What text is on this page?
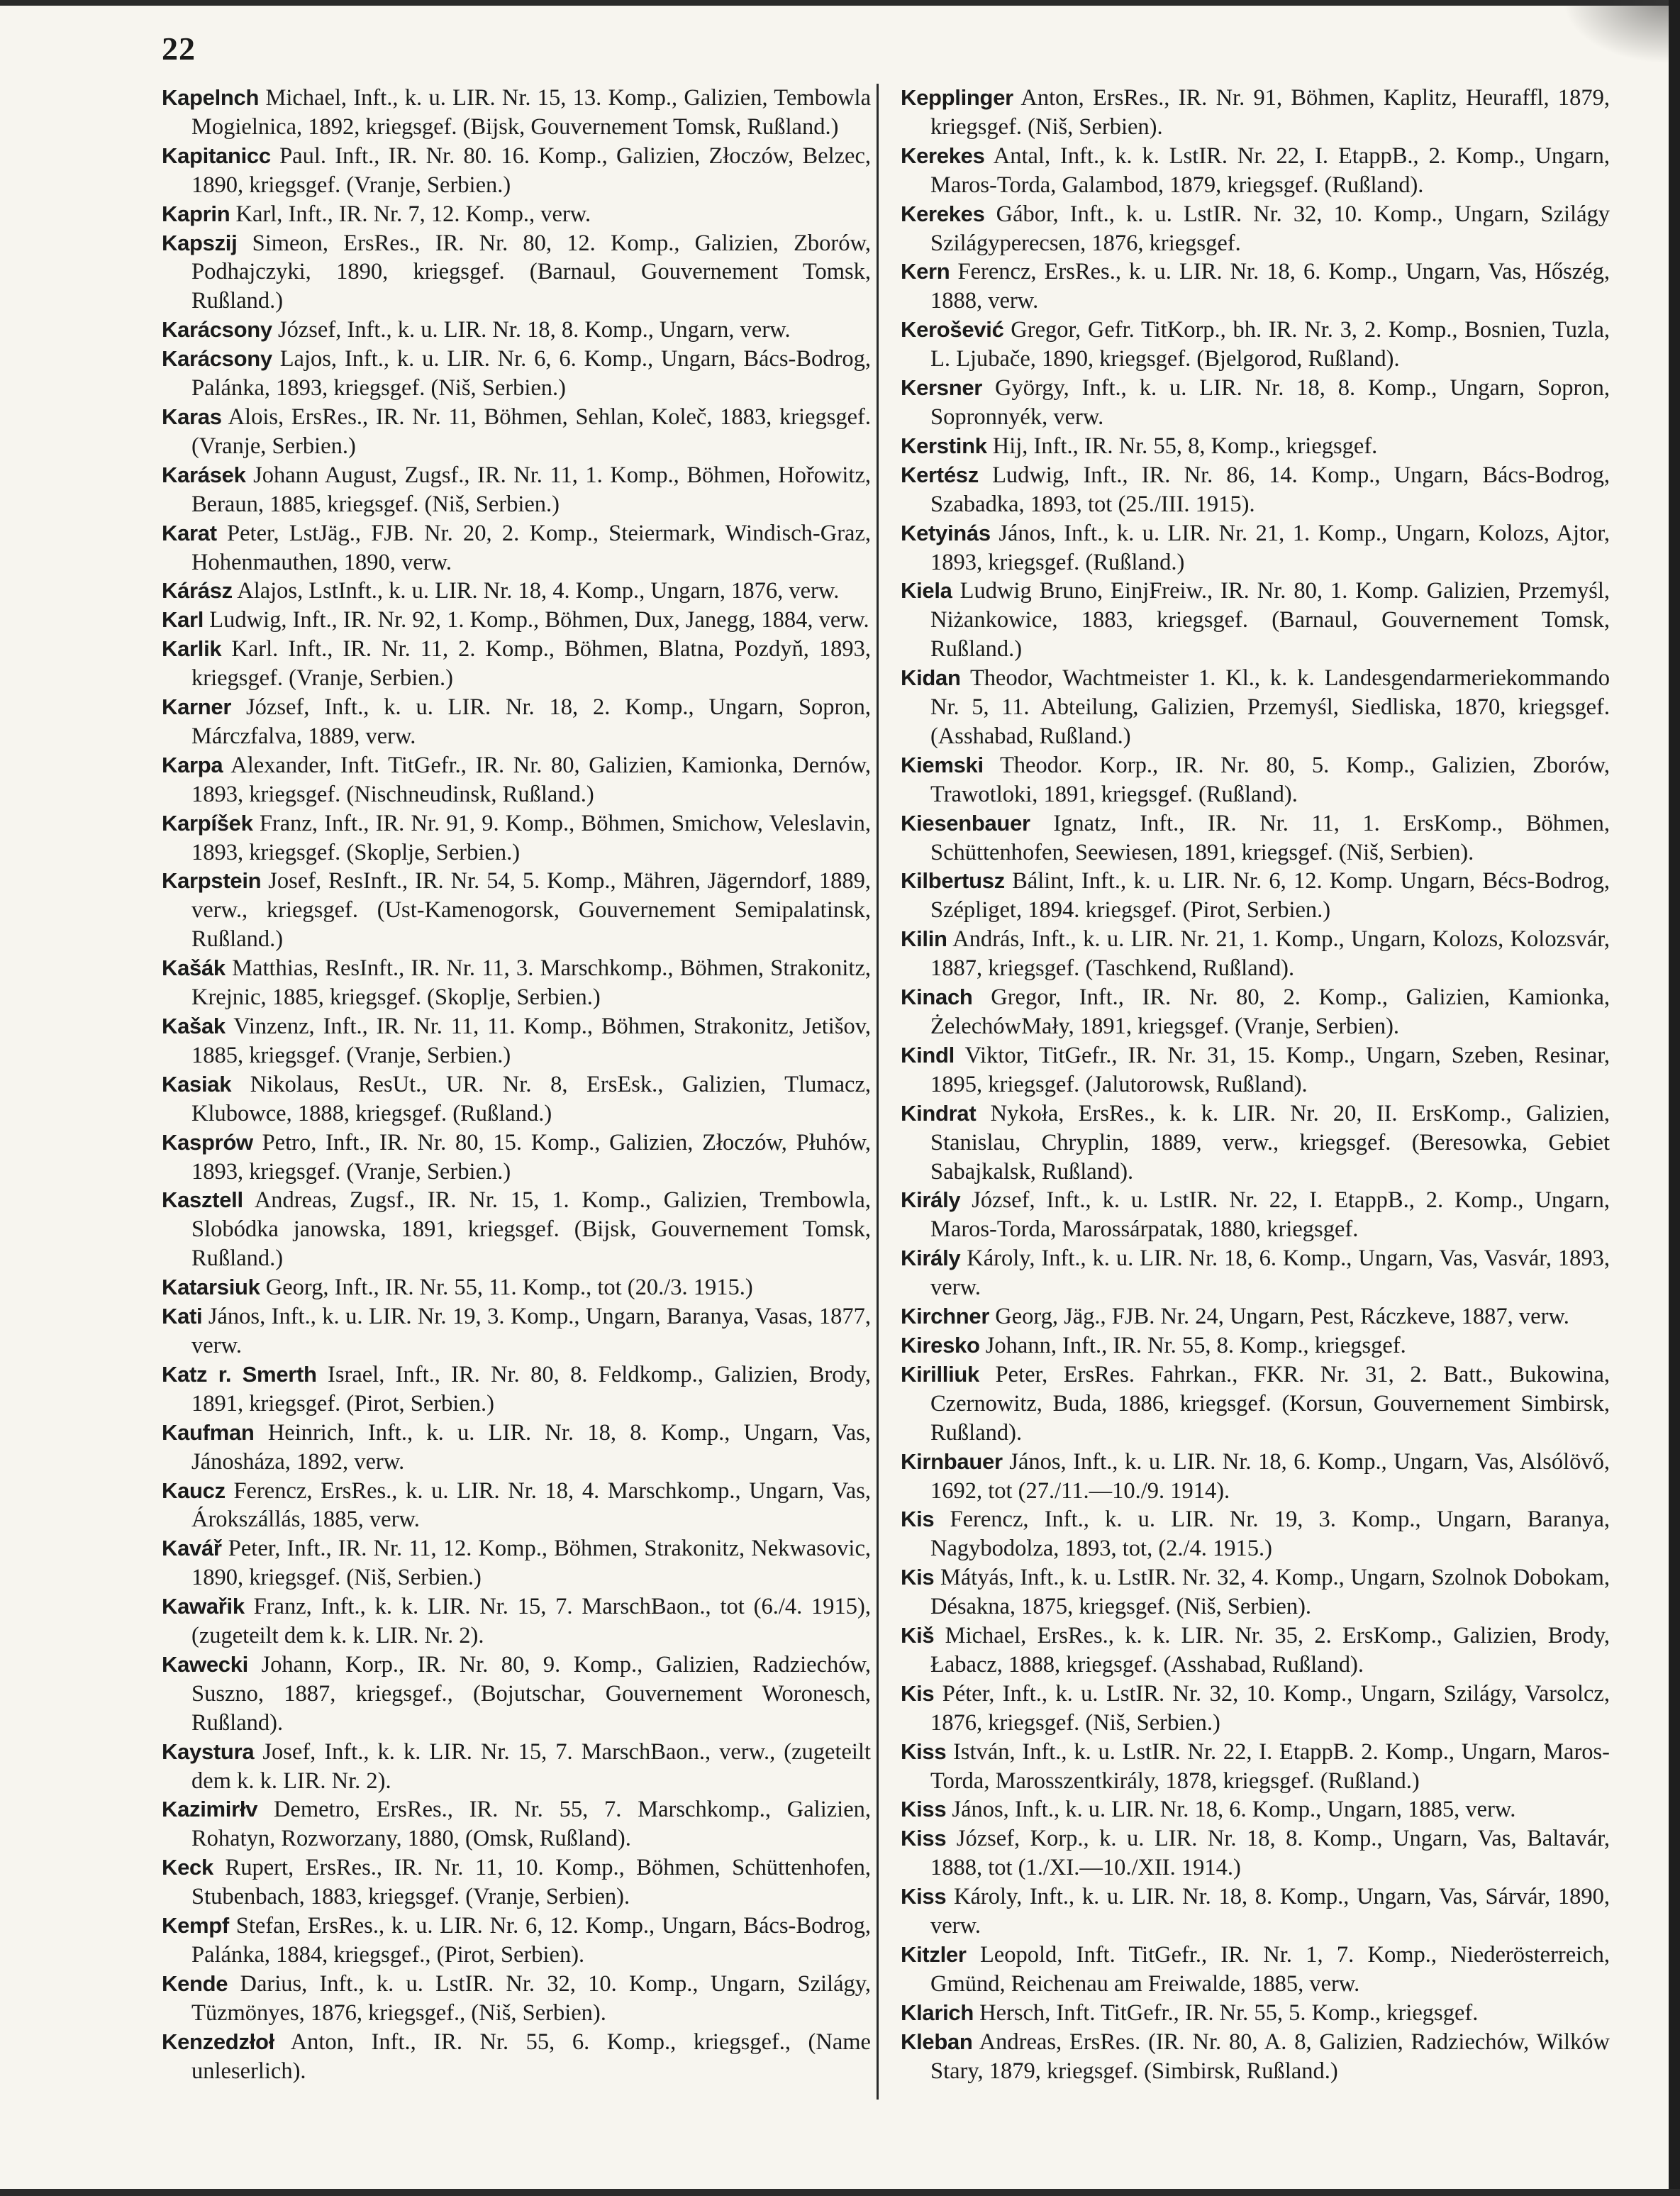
22

Kapelnch Michael, Inft., k. u. LIR. Nr. 15, 13. Komp., Galizien, Tembowla Mogielnica, 1892, kriegsgef. (Bijsk, Gouvernement Tomsk, Rußland.)

Kapitanicc Paul. Inft., IR. Nr. 80. 16. Komp., Galizien, Złoczów, Belzec, 1890, kriegsgef. (Vranje, Serbien.)

Kaprin Karl, Inft., IR. Nr. 7, 12. Komp., verw.

Kapszij Simeon, ErsRes., IR. Nr. 80, 12. Komp., Galizien, Zborów, Podhajczyki, 1890, kriegsgef. (Barnaul, Gouvernement Tomsk, Rußland.)

Karácsony József, Inft., k. u. LIR. Nr. 18, 8. Komp., Ungarn, verw.

Karácsony Lajos, Inft., k. u. LIR. Nr. 6, 6. Komp., Ungarn, Bács-Bodrog, Palánka, 1893, kriegsgef. (Niš, Serbien.)

Karas Alois, ErsRes., IR. Nr. 11, Böhmen, Sehlan, Koleč, 1883, kriegsgef. (Vranje, Serbien.)

Karásek Johann August, Zugsf., IR. Nr. 11, 1. Komp., Böhmen, Hořowitz, Beraun, 1885, kriegsgef. (Niš, Serbien.)

Karat Peter, LstJäg., FJB. Nr. 20, 2. Komp., Steiermark, Windisch-Graz, Hohenmauthen, 1890, verw.

Kárász Alajos, LstInft., k. u. LIR. Nr. 18, 4. Komp., Ungarn, 1876, verw.

Karl Ludwig, Inft., IR. Nr. 92, 1. Komp., Böhmen, Dux, Janegg, 1884, verw.

Karlik Karl. Inft., IR. Nr. 11, 2. Komp., Böhmen, Blatna, Pozdyň, 1893, kriegsgef. (Vranje, Serbien.)

Karner József, Inft., k. u. LIR. Nr. 18, 2. Komp., Ungarn, Sopron, Márczfalva, 1889, verw.

Karpa Alexander, Inft. TitGefr., IR. Nr. 80, Galizien, Kamionka, Dernów, 1893, kriegsgef. (Nischneudinsk, Rußland.)

Karpíšek Franz, Inft., IR. Nr. 91, 9. Komp., Böhmen, Smichow, Veleslavin, 1893, kriegsgef. (Skoplje, Serbien.)

Karpstein Josef, ResInft., IR. Nr. 54, 5. Komp., Mähren, Jägerndorf, 1889, verw., kriegsgef. (Ust-Kamenogorsk, Gouvernement Semipalatinsk, Rußland.)

Kašák Matthias, ResInft., IR. Nr. 11, 3. Marschkomp., Böhmen, Strakonitz, Krejnic, 1885, kriegsgef. (Skoplje, Serbien.)

Kašak Vinzenz, Inft., IR. Nr. 11, 11. Komp., Böhmen, Strakonitz, Jetišov, 1885, kriegsgef. (Vranje, Serbien.)

Kasiak Nikolaus, ResUt., UR. Nr. 8, ErsEsk., Galizien, Tlumacz, Klubowce, 1888, kriegsgef. (Rußland.)

Kasprów Petro, Inft., IR. Nr. 80, 15. Komp., Galizien, Złoczów, Płuhów, 1893, kriegsgef. (Vranje, Serbien.)

Kasztell Andreas, Zugsf., IR. Nr. 15, 1. Komp., Galizien, Trembowla, Slobódka janowska, 1891, kriegsgef. (Bijsk, Gouvernement Tomsk, Rußland.)

Katarsiuk Georg, Inft., IR. Nr. 55, 11. Komp., tot (20./3. 1915.)

Kati János, Inft., k. u. LIR. Nr. 19, 3. Komp., Ungarn, Baranya, Vasas, 1877, verw.

Katz r. Smerth Israel, Inft., IR. Nr. 80, 8. Feldkomp., Galizien, Brody, 1891, kriegsgef. (Pirot, Serbien.)

Kaufman Heinrich, Inft., k. u. LIR. Nr. 18, 8. Komp., Ungarn, Vas, Jánosháza, 1892, verw.

Kaucz Ferencz, ErsRes., k. u. LIR. Nr. 18, 4. Marschkomp., Ungarn, Vas, Árokszállás, 1885, verw.

Kavář Peter, Inft., IR. Nr. 11, 12. Komp., Böhmen, Strakonitz, Nekwasovic, 1890, kriegsgef. (Niš, Serbien.)

Kawařik Franz, Inft., k. k. LIR. Nr. 15, 7. MarschBaon., tot (6./4. 1915), (zugeteilt dem k. k. LIR. Nr. 2).

Kawecki Johann, Korp., IR. Nr. 80, 9. Komp., Galizien, Radziechów, Suszno, 1887, kriegsgef., (Bojutschar, Gouvernement Woronesch, Rußland).

Kaystura Josef, Inft., k. k. LIR. Nr. 15, 7. MarschBaon., verw., (zugeteilt dem k. k. LIR. Nr. 2).

Kazimirłv Demetro, ErsRes., IR. Nr. 55, 7. Marschkomp., Galizien, Rohatyn, Rozworzany, 1880, (Omsk, Rußland).

Keck Rupert, ErsRes., IR. Nr. 11, 10. Komp., Böhmen, Schüttenhofen, Stubenbach, 1883, kriegsgef. (Vranje, Serbien).

Kempf Stefan, ErsRes., k. u. LIR. Nr. 6, 12. Komp., Ungarn, Bács-Bodrog, Palánka, 1884, kriegsgef., (Pirot, Serbien).

Kende Darius, Inft., k. u. LstIR. Nr. 32, 10. Komp., Ungarn, Szilágy, Tüzmönyes, 1876, kriegsgef., (Niš, Serbien).

Kenzedzłoł Anton, Inft., IR. Nr. 55, 6. Komp., kriegsgef., (Name unleserlich).

Kepplinger Anton, ErsRes., IR. Nr. 91, Böhmen, Kaplitz, Heuraffl, 1879, kriegsgef. (Niš, Serbien).

Kerekes Antal, Inft., k. k. LstIR. Nr. 22, I. EtappB., 2. Komp., Ungarn, Maros-Torda, Galambod, 1879, kriegsgef. (Rußland).

Kerekes Gábor, Inft., k. u. LstIR. Nr. 32, 10. Komp., Ungarn, Szilágy Szilágyperecsen, 1876, kriegsgef.

Kern Ferencz, ErsRes., k. u. LIR. Nr. 18, 6. Komp., Ungarn, Vas, Hőszég, 1888, verw.

Kerošević Gregor, Gefr. TitKorp., bh. IR. Nr. 3, 2. Komp., Bosnien, Tuzla, L. Ljubače, 1890, kriegsgef. (Bjelgorod, Rußland).

Kersner György, Inft., k. u. LIR. Nr. 18, 8. Komp., Ungarn, Sopron, Sopronnyék, verw.

Kerstink Hij, Inft., IR. Nr. 55, 8, Komp., kriegsgef.

Kertész Ludwig, Inft., IR. Nr. 86, 14. Komp., Ungarn, Bács-Bodrog, Szabadka, 1893, tot (25./III. 1915).

Ketyinás János, Inft., k. u. LIR. Nr. 21, 1. Komp., Ungarn, Kolozs, Ajtor, 1893, kriegsgef. (Rußland.)

Kiela Ludwig Bruno, EinjFreiw., IR. Nr. 80, 1. Komp. Galizien, Przemyśl, Niżankowice, 1883, kriegsgef. (Barnaul, Gouvernement Tomsk, Rußland.)

Kidan Theodor, Wachtmeister 1. Kl., k. k. Landesgendarmeriekommando Nr. 5, 11. Abteilung, Galizien, Przemyśl, Siedliska, 1870, kriegsgef. (Asshabad, Rußland.)

Kiemski Theodor. Korp., IR. Nr. 80, 5. Komp., Galizien, Zborów, Trawotloki, 1891, kriegsgef. (Rußland).

Kiesenbauer Ignatz, Inft., IR. Nr. 11, 1. ErsKomp., Böhmen, Schüttenhofen, Seewiesen, 1891, kriegsgef. (Niš, Serbien).

Kilbertusz Bálint, Inft., k. u. LIR. Nr. 6, 12. Komp. Ungarn, Bécs-Bodrog, Szépliget, 1894. kriegsgef. (Pirot, Serbien.)

Kilin András, Inft., k. u. LIR. Nr. 21, 1. Komp., Ungarn, Kolozs, Kolozsvár, 1887, kriegsgef. (Taschkend, Rußland).

Kinach Gregor, Inft., IR. Nr. 80, 2. Komp., Galizien, Kamionka, ŻelechówMały, 1891, kriegsgef. (Vranje, Serbien).

Kindl Viktor, TitGefr., IR. Nr. 31, 15. Komp., Ungarn, Szeben, Resinar, 1895, kriegsgef. (Jalutorowsk, Rußland).

Kindrat Nykoła, ErsRes., k. k. LIR. Nr. 20, II. ErsKomp., Galizien, Stanislau, Chryplin, 1889, verw., kriegsgef. (Beresowka, Gebiet Sabajkalsk, Rußland).

Király József, Inft., k. u. LstIR. Nr. 22, I. EtappB., 2. Komp., Ungarn, Maros-Torda, Marossárpatak, 1880, kriegsgef.

Király Károly, Inft., k. u. LIR. Nr. 18, 6. Komp., Ungarn, Vas, Vasvár, 1893, verw.

Kirchner Georg, Jäg., FJB. Nr. 24, Ungarn, Pest, Ráczkeve, 1887, verw.

Kiresko Johann, Inft., IR. Nr. 55, 8. Komp., kriegsgef.

Kirilliuk Peter, ErsRes. Fahrkan., FKR. Nr. 31, 2. Batt., Bukowina, Czernowitz, Buda, 1886, kriegsgef. (Korsun, Gouvernement Simbirsk, Rußland).

Kirnbauer János, Inft., k. u. LIR. Nr. 18, 6. Komp., Ungarn, Vas, Alsólövő, 1692, tot (27./11.—10./9. 1914).

Kis Ferencz, Inft., k. u. LIR. Nr. 19, 3. Komp., Ungarn, Baranya, Nagybodolza, 1893, tot, (2./4. 1915.)

Kis Mátyás, Inft., k. u. LstIR. Nr. 32, 4. Komp., Ungarn, Szolnok Dobokam, Désakna, 1875, kriegsgef. (Niš, Serbien).

Kiš Michael, ErsRes., k. k. LIR. Nr. 35, 2. ErsKomp., Galizien, Brody, Łabacz, 1888, kriegsgef. (Asshabad, Rußland).

Kis Péter, Inft., k. u. LstIR. Nr. 32, 10. Komp., Ungarn, Szilágy, Varsolcz, 1876, kriegsgef. (Niš, Serbien.)

Kiss István, Inft., k. u. LstIR. Nr. 22, I. EtappB. 2. Komp., Ungarn, Maros-Torda, Marosszentkirály, 1878, kriegsgef. (Rußland.)

Kiss János, Inft., k. u. LIR. Nr. 18, 6. Komp., Ungarn, 1885, verw.

Kiss József, Korp., k. u. LIR. Nr. 18, 8. Komp., Ungarn, Vas, Baltavár, 1888, tot (1./XI.—10./XII. 1914.)

Kiss Károly, Inft., k. u. LIR. Nr. 18, 8. Komp., Ungarn, Vas, Sárvár, 1890, verw.

Kitzler Leopold, Inft. TitGefr., IR. Nr. 1, 7. Komp., Niederösterreich, Gmünd, Reichenau am Freiwalde, 1885, verw.

Klarich Hersch, Inft. TitGefr., IR. Nr. 55, 5. Komp., kriegsgef.

Kleban Andreas, ErsRes. (IR. Nr. 80, A. 8, Galizien, Radziechów, Wilków Stary, 1879, kriegsgef. (Simbirsk, Rußland.)
